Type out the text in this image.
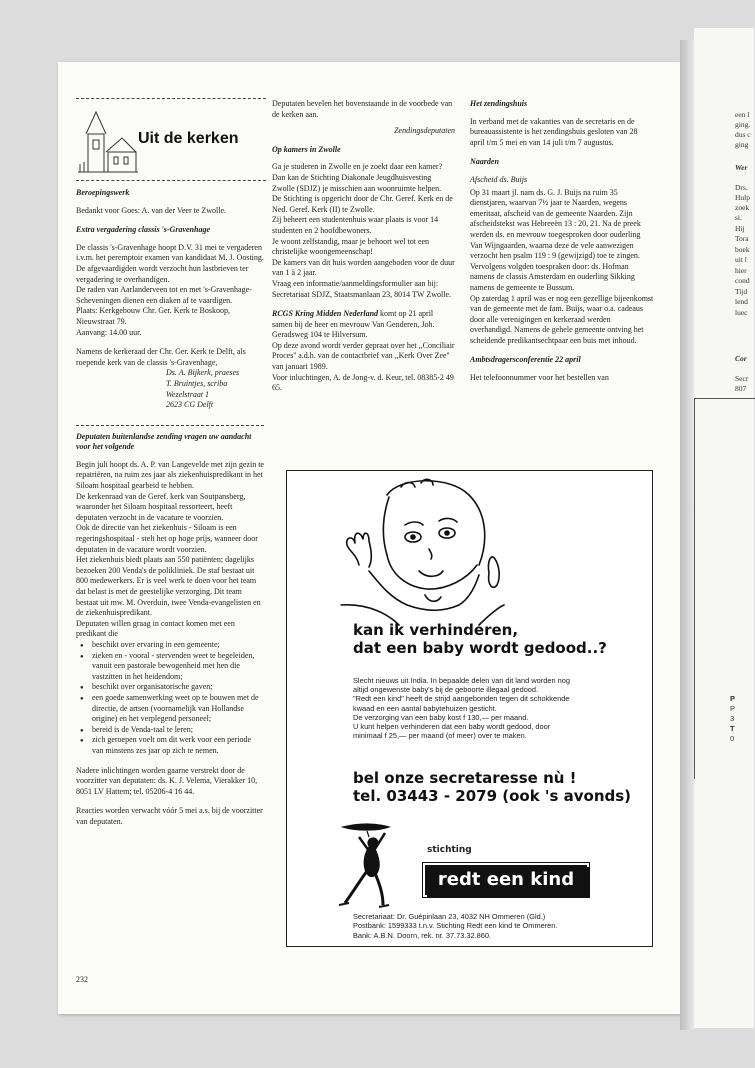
een l
ging.
dus c
ging
Wer
Drs.
Hulp
zoek
si.
Hij
Tora
boek
uit l
hier
cond
Tijd
lend
luec
Cor
Secr
807
P
P
3
T
0
Uit de kerken
Beroepingswerk

Bedankt voor Goes: A. van der Veer te Zwolle.

Extra vergadering classis 's-Gravenhage

De classis 's-Gravenhage hoopt D.V. 31 mei te vergaderen i.v.m. het peremptoir examen van kandidaat M. J. Oosting.

De afgevaardigden wordt verzocht hun lastbrieven ter vergadering te overhandigen.

De raden van Aarlanderveen tot en met 's-Gravenhage-Scheveningen dienen een diaken af te vaardigen.

Plaats: Kerkgebouw Chr. Ger. Kerk te Boskoop, Nieuwstraat 79.

Aanvang: 14.00 uur.

Namens de kerkeraad der Chr. Ger. Kerk te Delft, als roepende kerk van de classis 's-Gravenhage,

Ds. A. Bijkerk, praeses
T. Bruintjes, scriba
Wezelstraat 1
2623 CG Delft
Deputaten buitenlandse zending vragen uw aandacht voor het volgende

Begin juli hoopt ds. A. P. van Langevelde met zijn gezin te repatriëren, na ruim zes jaar als ziekenhuispredikant in het Siloam hospitaal gearbeid te hebben.

De kerkenraad van de Geref. kerk van Soutpansberg, waaronder het Siloam hospitaal ressorteert, heeft deputaten verzocht in de vacature te voorzien.

Ook de directie van het ziekenhuis - Siloam is een regeringshospitaal - stelt het op hoge prijs, wanneer door deputaten in de vacature wordt voorzien.

Het ziekenhuis biedt plaats aan 550 patiënten; dagelijks bezoeken 200 Venda's de polikliniek. De staf bestaat uit 800 medewerkers. Er is veel werk te doen voor het team dat belast is met de geestelijke verzorging. Dit team bestaat uit mw. M. Overduin, twee Venda-evangelisten en de ziekenhuispredikant.

Deputaten willen graag in contact komen met een predikant die

● beschikt over ervaring in een gemeente;
● zieken en - vooral - stervenden weet te begeleiden, vanuit een pastorale bewogenheid met hen die vastzitten in het heidendom;
● beschikt over organisatorische gaven;
● een goede samenwerking weet op te bouwen met de directie, de artsen (voornamelijk van Hollandse origine) en het verplegend personeel;
● bereid is de Venda-taal te leren;
● zich geroepen voelt om dit werk voor een periode van minstens zes jaar op zich te nemen.

Nadere inlichtingen worden gaarne verstrekt door de voorzitter van deputaten: ds. K. J. Velema, Vierakker 10, 8051 LV Hattem; tel. 05206-4 16 44.

Reacties worden verwacht vóór 5 mei a.s. bij de voorzitter van deputaten.

232

Deputaten bevelen het bovenstaande in de voorbede van de kerken aan.

Zendingsdeputaten

Op kamers in Zwolle

Ga je studeren in Zwolle en je zoekt daar een kamer?

Dan kan de Stichting Diakonale Jeugdhuisvesting Zwolle (SDJZ) je misschien aan woonruimte helpen.

De Stichting is opgericht door de Chr. Geref. Kerk en de Ned. Geref. Kerk (II) te Zwolle.

Zij beheert een studentenhuis waar plaats is voor 14 studenten en 2 hoofdbewoners.

Je woont zelfstandig, maar je behoort wel tot een christelijke woongemeenschap!

De kamers van dit huis worden aangeboden voor de duur van 1 à 2 jaar.

Vraag een informatie/aanmeldingsformulier aan bij: Secretariaat SDJZ, Staatsmanlaan 23, 8014 TW Zwolle.

RCGS Kring Midden Nederland komt op 21 april samen bij de heer en mevrouw Van Genderen, Joh. Geradsweg 104 te Hilversum.

Op deze avond wordt verder gepraat over het ,,Conciliair Proces'' a.d.h. van de contactbrief van ,,Kerk Over Zee'' van januari 1989.

Voor inluchtingen, A. de Jong-v. d. Keur, tel. 08385-2 49 65.

Het zendingshuis

In verband met de vakanties van de secretaris en de bureauassistente is het zendingshuis gesloten van 28 april t/m 5 mei en van 14 juli t/m 7 augustus.

Naarden
Afscheid ds. Buijs

Op 31 maart jl. nam ds. G. J. Buijs na ruim 35 dienstjaren, waarvan 7½ jaar te Naarden, wegens emeritaat, afscheid van de gemeente Naarden. Zijn afscheidstekst was Hebreeën 13 : 20, 21. Na de preek werden ds. en mevrouw toegesproken door ouderling Van Wijngaarden, waarna deze de vele aanwezigen verzocht hen psalm 119 : 9 (gewijzigd) toe te zingen. Vervolgens volgden toespraken door: ds. Hofman namens de classis Amsterdam en ouderling Sikking namens de gemeente te Bussum.

Op zaterdag 1 april was er nog een gezellige bijeenkomst van de gemeente met de fam. Buijs, waar o.a. cadeaus door alle verenigingen en kerkeraad werden overhandigd. Namens de gehele gemeente ontving het scheidende predikantsechtpaar een buis met inhoud.

Ambtsdragersconferentie 22 april

Het telefoonnummer voor het bestellen van

kan ik verhinderen,
dat een baby wordt gedood..?
Slecht nieuws uit India. In bepaalde delen van dit land worden nog
altijd ongewenste baby's bij de geboorte illegaal gedood.
"Redt een kind" heeft de strijd aangebonden tegen dit schokkende
kwaad en een aantal babytehuizen gesticht.
De verzorging van een baby kost f 130,— per maand.
U kunt helpen verhinderen dat een baby wordt gedood, door
minimaal f 25,— per maand (of meer) over te maken.
bel onze secretaresse nù !
tel. 03443 - 2079 (ook 's avonds)
stichting
redt een kind
Secretariaat: Dr. Guépinlaan 23, 4032 NH Ommeren (Gld.)
Postbank: 1599333 t.n.v. Stichting Redt een kind te Ommeren.
Bank: A.B.N. Doorn, rek. nr. 37.73.32.860.
